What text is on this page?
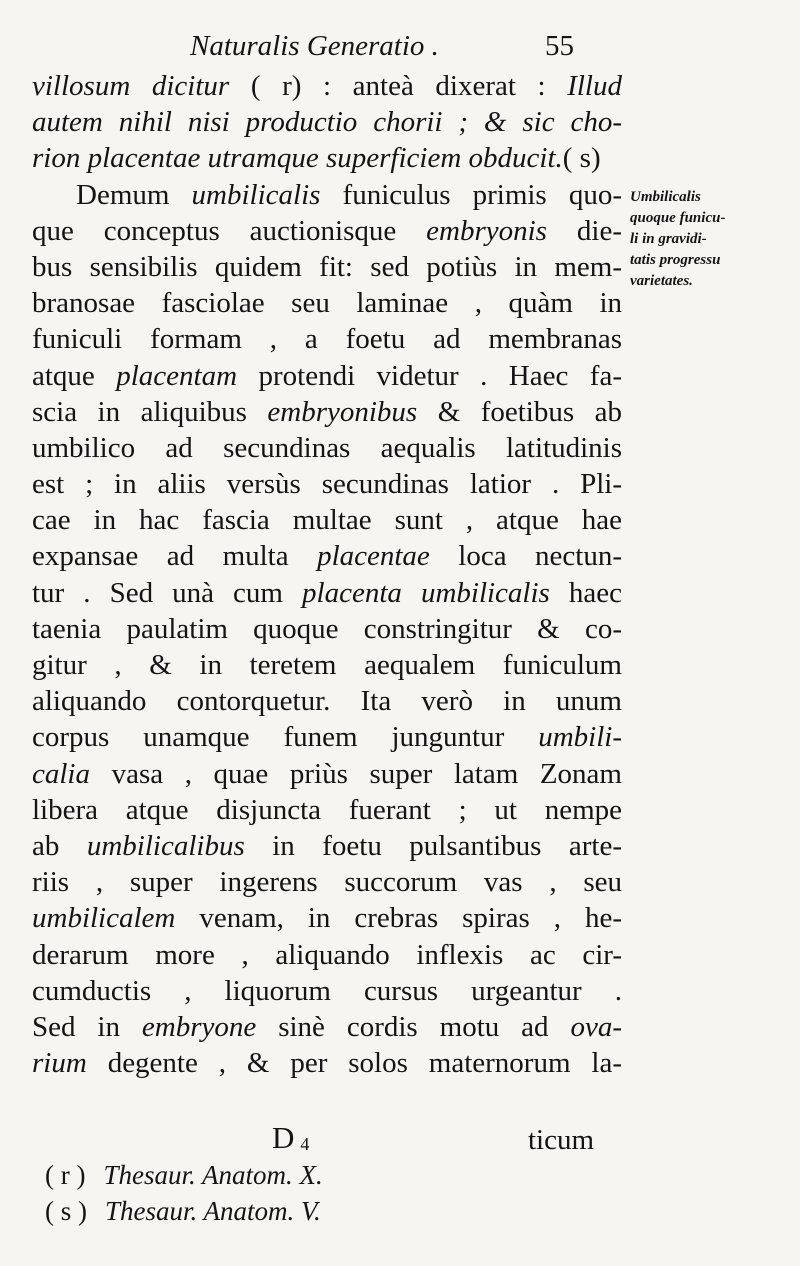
Naturalis Generatio .	55
villosum dicitur ( r) : anteà dixerat : Illud
autem nihil nisi productio chorii ; & sic cho-
rion placentae utramque superficiem obducit.( s)
Demum umbilicalis funiculus primis quo-
que conceptus auctionisque embryonis die-
bus sensibilis quidem fit: sed potiùs in mem-
branosae fasciolae seu laminae , quàm in
funiculi formam , a foetu ad membranas
atque placentam protendi videtur . Haec fa-
scia in aliquibus embryonibus & foetibus ab
umbilico ad secundinas aequalis latitudinis
est ; in aliis versùs secundinas latior . Pli-
cae in hac fascia multae sunt , atque hae
expansae ad multa placentae loca nectun-
tur . Sed unà cum placenta umbilicalis haec
taenia paulatim quoque constringitur & co-
gitur , & in teretem aequalem funiculum
aliquando contorquetur. Ita verò in unum
corpus unamque funem junguntur umbili-
calia vasa , quae priùs super latam Zonam
libera atque disjuncta fuerant ; ut nempe
ab umbilicalibus in foetu pulsantibus arte-
riis , super ingerens succorum vas , seu
umbilicalem venam, in crebras spiras , he-
derarum more , aliquando inflexis ac cir-
cumductis , liquorum cursus urgeantur .
Sed in embryone sinè cordis motu ad ova-
rium degente , & per solos maternorum la-
Umbilicalis
quoque funicu-
li in gravidi-
tatis progressu
varietates.
D 4	ticum
( r ) Thesaur. Anatom. X.
( s ) Thesaur. Anatom. V.
